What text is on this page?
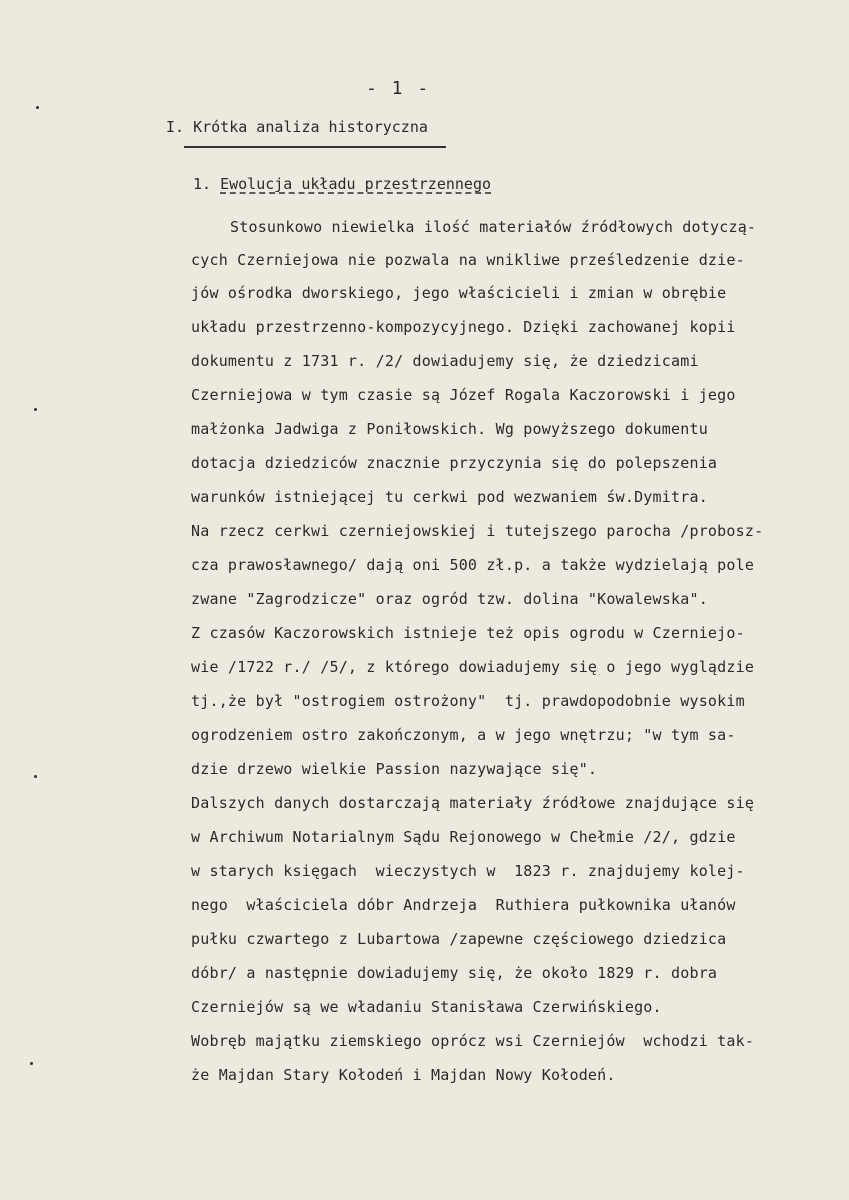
- 1 -
I. Krótka analiza historyczna
1. Ewolucja układu przestrzennego
Stosunkowo niewielka ilość materiałów źródłowych dotyczą-
cych Czerniejowa nie pozwala na wnikliwe prześledzenie dzie-
jów ośrodka dworskiego, jego właścicieli i zmian w obrębie
układu przestrzenno-kompozycyjnego. Dzięki zachowanej kopii
dokumentu z 1731 r. /2/ dowiadujemy się, że dziedzicami
Czerniejowa w tym czasie są Józef Rogala Kaczorowski i jego
małżonka Jadwiga z Poniłowskich. Wg powyższego dokumentu
dotacja dziedziców znacznie przyczynia się do polepszenia
warunków istniejącej tu cerkwi pod wezwaniem św.Dymitra.
Na rzecz cerkwi czerniejowskiej i tutejszego parocha /probosz-
cza prawosławnego/ dają oni 500 zł.p. a także wydzielają pole
zwane "Zagrodzicze" oraz ogród tzw. dolina "Kowalewska".
Z czasów Kaczorowskich istnieje też opis ogrodu w Czerniejo-
wie /1722 r./ /5/, z którego dowiadujemy się o jego wyglądzie
tj.,że był "ostrogiem ostrożony"  tj. prawdopodobnie wysokim
ogrodzeniem ostro zakończonym, a w jego wnętrzu; "w tym sa-
dzie drzewo wielkie Passion nazywające się".
Dalszych danych dostarczają materiały źródłowe znajdujące się
w Archiwum Notarialnym Sądu Rejonowego w Chełmie /2/, gdzie
w starych księgach  wieczystych w  1823 r. znajdujemy kolej-
nego  właściciela dóbr Andrzeja  Ruthiera pułkownika ułanów
pułku czwartego z Lubartowa /zapewne częściowego dziedzica
dóbr/ a następnie dowiadujemy się, że około 1829 r. dobra
Czerniejów są we władaniu Stanisława Czerwińskiego.
Wobręb majątku ziemskiego oprócz wsi Czerniejów  wchodzi tak-
że Majdan Stary Kołodeń i Majdan Nowy Kołodeń.
